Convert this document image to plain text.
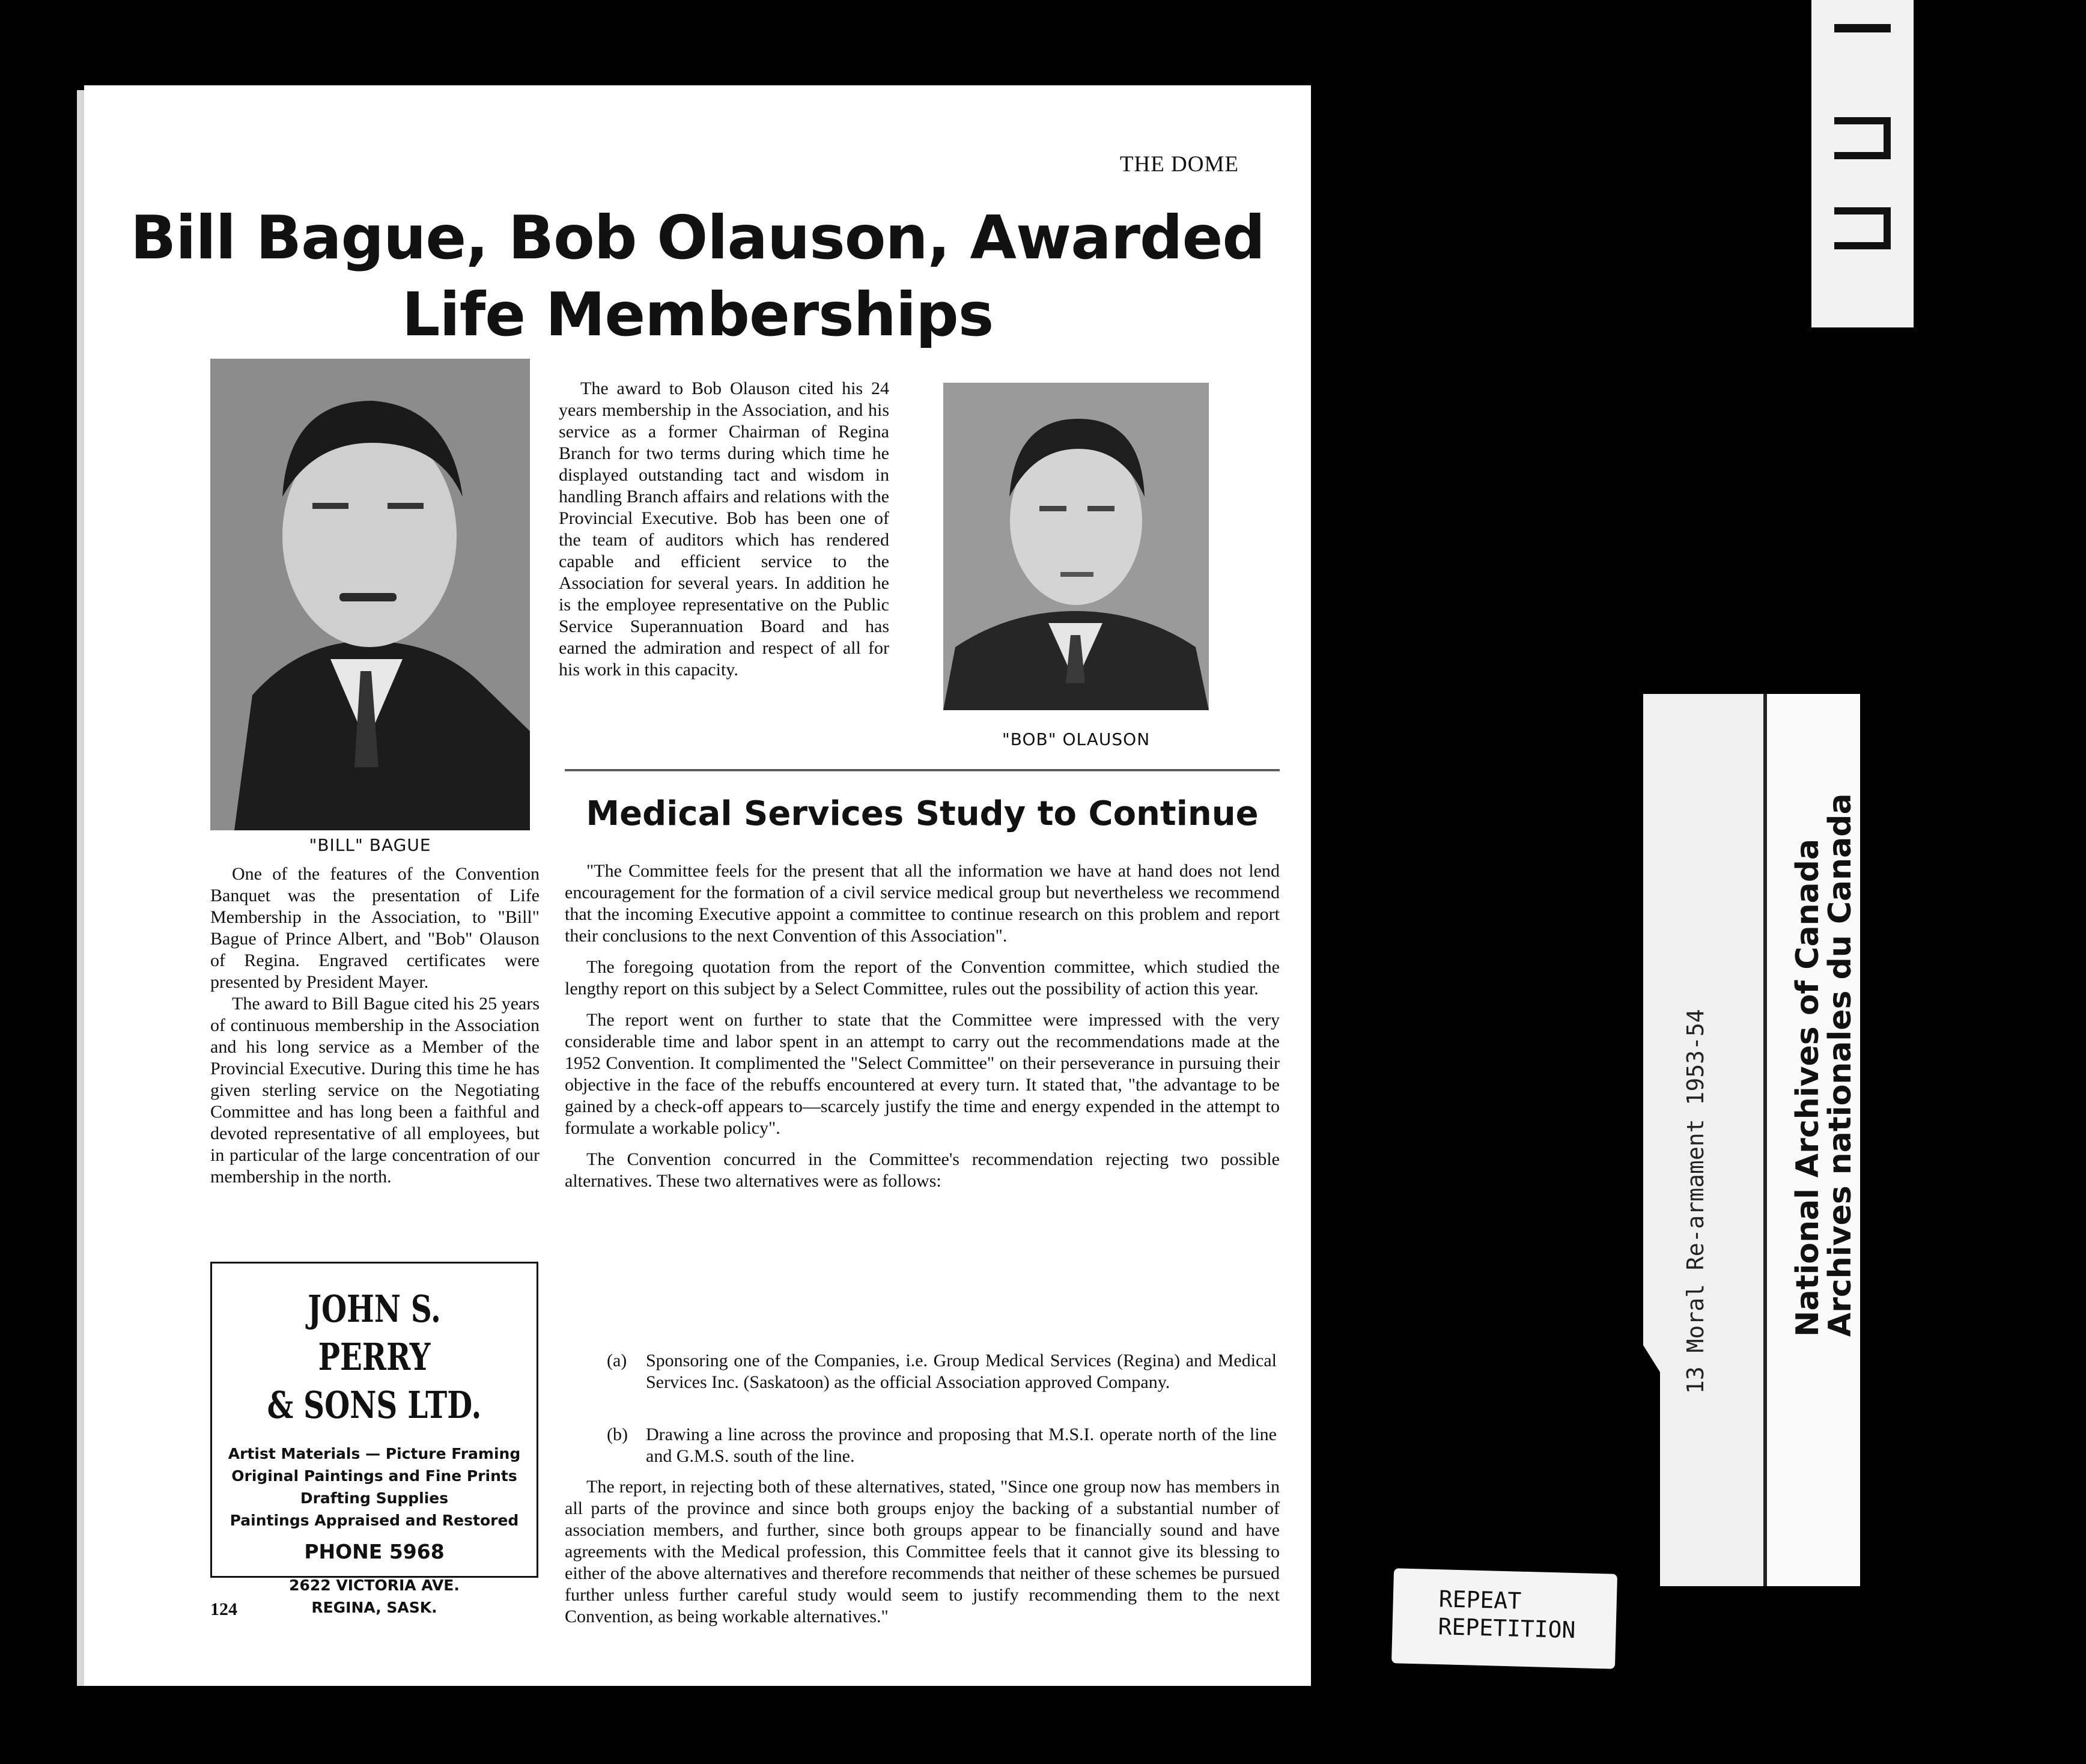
THE DOME
Bill Bague, Bob Olauson, Awarded
Life Memberships
"BILL" BAGUE
"BOB" OLAUSON

The award to Bob Olauson cited his 24 years membership in the Association, and his service as a former Chairman of Regina Branch for two terms during which time he displayed outstanding tact and wisdom in handling Branch affairs and relations with the Provincial Executive. Bob has been one of the team of auditors which has rendered capable and efficient service to the Association for several years. In addition he is the employee representative on the Public Service Superannuation Board and has earned the admiration and respect of all for his work in this capacity.

One of the features of the Convention Banquet was the presentation of Life Membership in the Association, to "Bill" Bague of Prince Albert, and "Bob" Olauson of Regina. Engraved certificates were presented by President Mayer.

The award to Bill Bague cited his 25 years of continuous membership in the Association and his long service as a Member of the Provincial Executive. During this time he has given sterling service on the Negotiating Committee and has long been a faithful and devoted representative of all employees, but in particular of the large concentration of our membership in the north.

Medical Services Study to Continue

"The Committee feels for the present that all the information we have at hand does not lend encouragement for the formation of a civil service medical group but nevertheless we recommend that the incoming Executive appoint a committee to continue research on this problem and report their conclusions to the next Convention of this Association".

The foregoing quotation from the report of the Convention committee, which studied the lengthy report on this subject by a Select Committee, rules out the possibility of action this year.

The report went on further to state that the Committee were impressed with the very considerable time and labor spent in an attempt to carry out the recommendations made at the 1952 Convention. It complimented the "Select Committee" on their perseverance in pursuing their objective in the face of the rebuffs encountered at every turn. It stated that, "the advantage to be gained by a check-off appears to—scarcely justify the time and energy expended in the attempt to formulate a workable policy".

The Convention concurred in the Committee's recommendation rejecting two possible alternatives. These two alternatives were as follows:

(a) Sponsoring one of the Companies, i.e. Group Medical Services (Regina) and Medical Services Inc. (Saskatoon) as the official Association approved Company.
(b) Drawing a line across the province and proposing that M.S.I. operate north of the line and G.M.S. south of the line.

The report, in rejecting both of these alternatives, stated, "Since one group now has members in all parts of the province and since both groups enjoy the backing of a substantial number of association members, and further, since both groups appear to be financially sound and have agreements with the Medical profession, this Committee feels that it cannot give its blessing to either of the above alternatives and therefore recommends that neither of these schemes be pursued further unless further careful study would seem to justify recommending them to the next Convention, as being workable alternatives."

JOHN S. PERRY
& SONS LTD.
Artist Materials — Picture Framing
Original Paintings and Fine Prints
Drafting Supplies
Paintings Appraised and Restored
PHONE 5968
2622 VICTORIA AVE.
REGINA, SASK.
124
13 Moral Re-armament 1953-54	National Archives of Canada
Archives nationales du Canada
REPEAT
REPETITION
